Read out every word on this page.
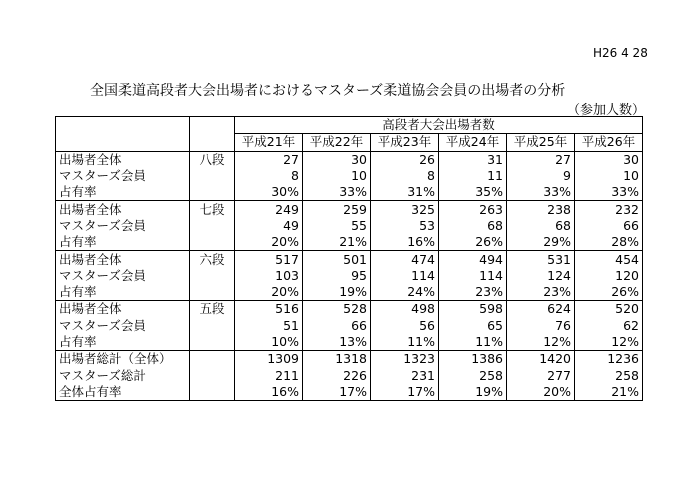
H26 4 28
全国柔道高段者大会出場者におけるマスターズ柔道協会会員の出場者の分析
（参加人数）
		高段者大会出場者数					
		平成21年	平成22年	平成23年	平成24年	平成25年	平成26年
出場者全体	八段	27	30	26	31	27	30
マスターズ会員		8	10	8	11	9	10
占有率		30%	33%	31%	35%	33%	33%
出場者全体	七段	249	259	325	263	238	232
マスターズ会員		49	55	53	68	68	66
占有率		20%	21%	16%	26%	29%	28%
出場者全体	六段	517	501	474	494	531	454
マスターズ会員		103	95	114	114	124	120
占有率		20%	19%	24%	23%	23%	26%
出場者全体	五段	516	528	498	598	624	520
マスターズ会員		51	66	56	65	76	62
占有率		10%	13%	11%	11%	12%	12%
出場者総計（全体）		1309	1318	1323	1386	1420	1236
マスターズ総計		211	226	231	258	277	258
全体占有率		16%	17%	17%	19%	20%	21%
